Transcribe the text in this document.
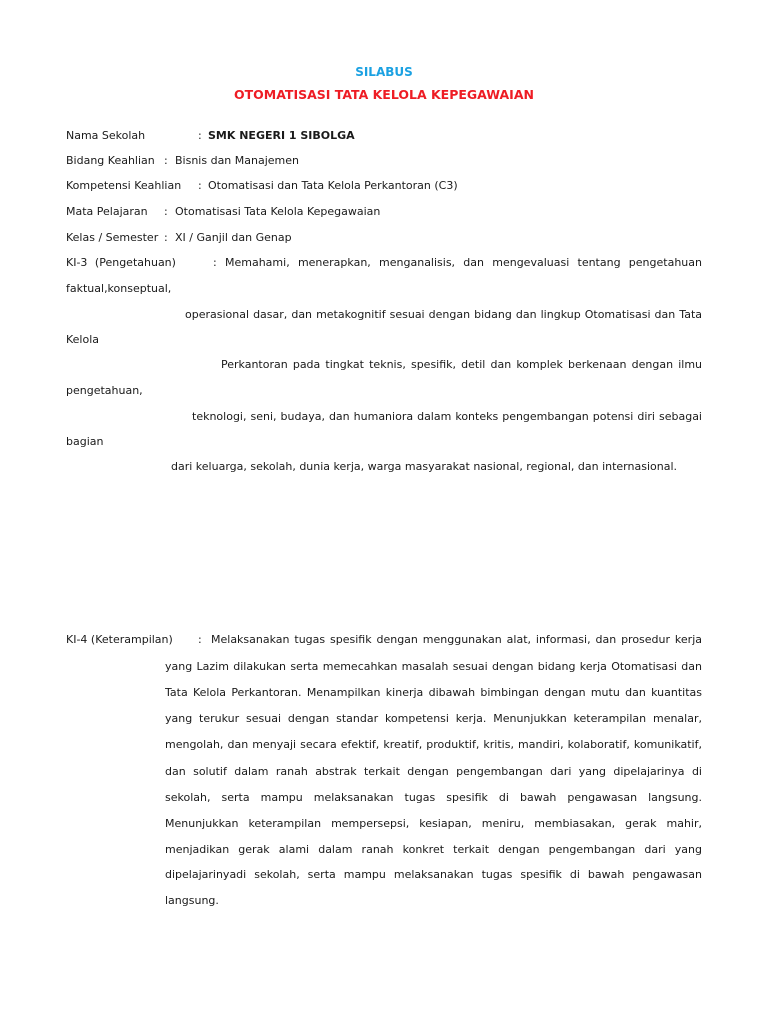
SILABUS
OTOMATISASI TATA KELOLA KEPEGAWAIAN
Nama Sekolah	: SMK NEGERI 1 SIBOLGA
Bidang Keahlian : Bisnis dan Manajemen
Kompetensi Keahlian : Otomatisasi dan Tata Kelola Perkantoran (C3)
Mata Pelajaran : Otomatisasi Tata Kelola Kepegawaian
Kelas / Semester : XI / Ganjil dan Genap
KI-3 (Pengetahuan)	: Memahami, menerapkan, menganalisis, dan mengevaluasi tentang pengetahuan
faktual,konseptual,
operasional dasar, dan metakognitif sesuai dengan bidang dan lingkup Otomatisasi dan Tata
Kelola
Perkantoran pada tingkat teknis, spesifik, detil dan komplek berkenaan dengan ilmu
pengetahuan,
teknologi, seni, budaya, dan humaniora dalam konteks pengembangan potensi diri sebagai
bagian
dari keluarga, sekolah, dunia kerja, warga masyarakat nasional, regional, dan internasional.
KI-4 (Keterampilan) : Melaksanakan tugas spesifik dengan menggunakan alat, informasi, dan prosedur kerja
yang Lazim dilakukan serta memecahkan masalah sesuai dengan bidang kerja Otomatisasi dan
Tata Kelola Perkantoran. Menampilkan kinerja dibawah bimbingan dengan mutu dan kuantitas
yang terukur sesuai dengan standar kompetensi kerja. Menunjukkan keterampilan menalar,
mengolah, dan menyaji secara efektif, kreatif, produktif, kritis, mandiri, kolaboratif, komunikatif,
dan solutif dalam ranah abstrak terkait dengan pengembangan dari yang dipelajarinya di
sekolah, serta mampu melaksanakan tugas spesifik di bawah pengawasan langsung.
Menunjukkan keterampilan mempersepsi, kesiapan, meniru, membiasakan, gerak mahir,
menjadikan gerak alami dalam ranah konkret terkait dengan pengembangan dari yang
dipelajarinyadi sekolah, serta mampu melaksanakan tugas spesifik di bawah pengawasan
langsung.
